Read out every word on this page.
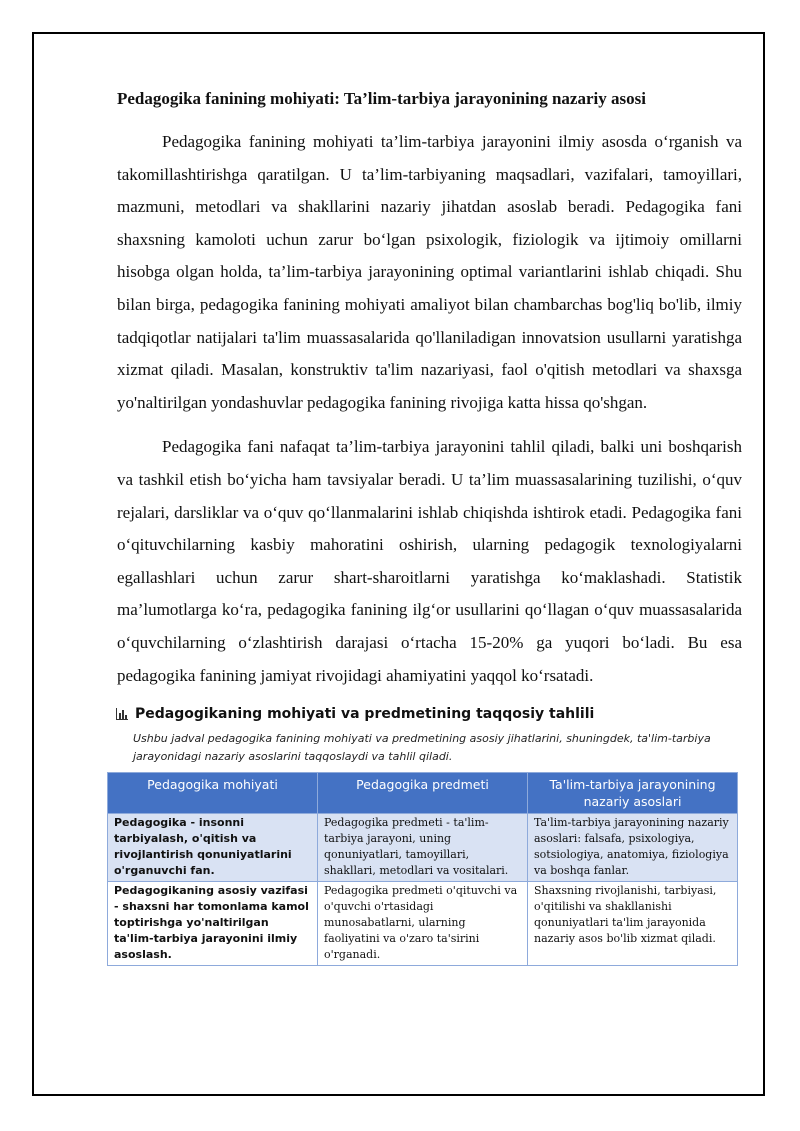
Pedagogika fanining mohiyati: Ta’lim-tarbiya jarayonining nazariy asosi

Pedagogika fanining mohiyati ta’lim-tarbiya jarayonini ilmiy asosda o‘rganish va takomillashtirishga qaratilgan. U ta’lim-tarbiyaning maqsadlari, vazifalari, tamoyillari, mazmuni, metodlari va shakllarini nazariy jihatdan asoslab beradi. Pedagogika fani shaxsning kamoloti uchun zarur bo‘lgan psixologik, fiziologik va ijtimoiy omillarni hisobga olgan holda, ta’lim-tarbiya jarayonining optimal variantlarini ishlab chiqadi. Shu bilan birga, pedagogika fanining mohiyati amaliyot bilan chambarchas bog'liq bo'lib, ilmiy tadqiqotlar natijalari ta'lim muassasalarida qo'llaniladigan innovatsion usullarni yaratishga xizmat qiladi. Masalan, konstruktiv ta'lim nazariyasi, faol o'qitish metodlari va shaxsga yo'naltirilgan yondashuvlar pedagogika fanining rivojiga katta hissa qo'shgan.

Pedagogika fani nafaqat ta’lim-tarbiya jarayonini tahlil qiladi, balki uni boshqarish va tashkil etish bo‘yicha ham tavsiyalar beradi. U ta’lim muassasalarining tuzilishi, o‘quv rejalari, darsliklar va o‘quv qo‘llanmalarini ishlab chiqishda ishtirok etadi. Pedagogika fani o‘qituvchilarning kasbiy mahoratini oshirish, ularning pedagogik texnologiyalarni egallashlari uchun zarur shart-sharoitlarni yaratishga ko‘maklashadi. Statistik ma’lumotlarga ko‘ra, pedagogika fanining ilg‘or usullarini qo‘llagan o‘quv muassasalarida o‘quvchilarning o‘zlashtirish darajasi o‘rtacha 15-20% ga yuqori bo‘ladi. Bu esa pedagogika fanining jamiyat rivojidagi ahamiyatini yaqqol ko‘rsatadi.

Pedagogikaning mohiyati va predmetining taqqosiy tahlili
Ushbu jadval pedagogika fanining mohiyati va predmetining asosiy jihatlarini, shuningdek, ta'lim-tarbiya jarayonidagi nazariy asoslarini taqqoslaydi va tahlil qiladi.
Pedagogika mohiyati	Pedagogika predmeti	Ta'lim-tarbiya jarayonining nazariy asoslari
Pedagogika - insonni tarbiyalash, o'qitish va rivojlantirish qonuniyatlarini o'rganuvchi fan.	Pedagogika predmeti - ta'lim-tarbiya jarayoni, uning qonuniyatlari, tamoyillari, shakllari, metodlari va vositalari.	Ta'lim-tarbiya jarayonining nazariy asoslari: falsafa, psixologiya, sotsiologiya, anatomiya, fiziologiya va boshqa fanlar.
Pedagogikaning asosiy vazifasi - shaxsni har tomonlama kamol toptirishga yo'naltirilgan ta'lim-tarbiya jarayonini ilmiy asoslash.	Pedagogika predmeti o'qituvchi va o'quvchi o'rtasidagi munosabatlarni, ularning faoliyatini va o'zaro ta'sirini o'rganadi.	Shaxsning rivojlanishi, tarbiyasi, o'qitilishi va shakllanishi qonuniyatlari ta'lim jarayonida nazariy asos bo'lib xizmat qiladi.
